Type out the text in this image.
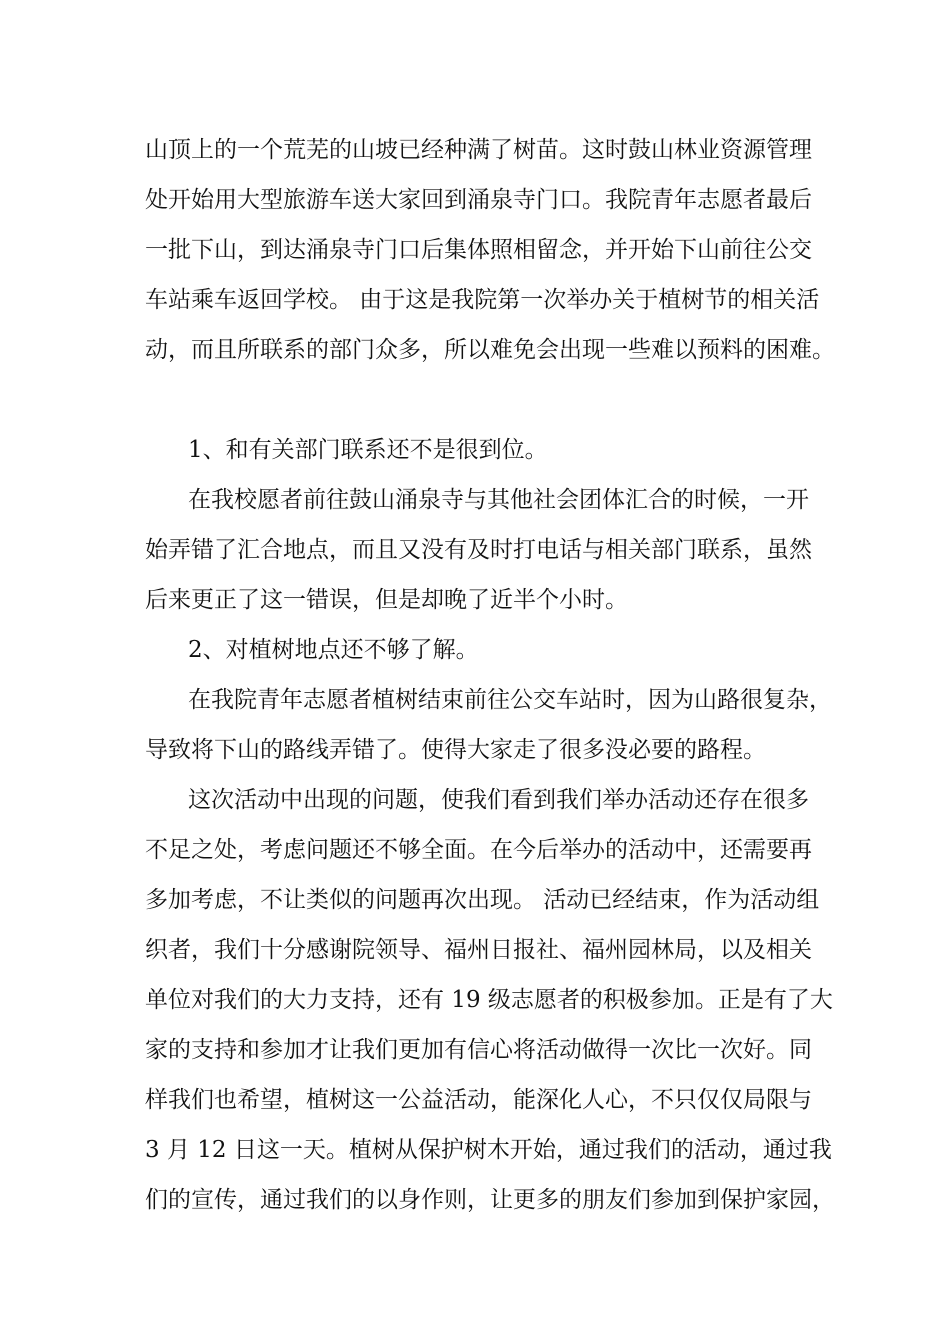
山顶上的一个荒芜的山坡已经种满了树苗。这时鼓山林业资源管理
处开始用大型旅游车送大家回到涌泉寺门口。我院青年志愿者最后
一批下山，到达涌泉寺门口后集体照相留念，并开始下山前往公交
车站乘车返回学校。 由于这是我院第一次举办关于植树节的相关活
动，而且所联系的部门众多，所以难免会出现一些难以预料的困难。
1、和有关部门联系还不是很到位。
在我校愿者前往鼓山涌泉寺与其他社会团体汇合的时候，一开
始弄错了汇合地点，而且又没有及时打电话与相关部门联系，虽然
后来更正了这一错误，但是却晚了近半个小时。
2、对植树地点还不够了解。
在我院青年志愿者植树结束前往公交车站时，因为山路很复杂，
导致将下山的路线弄错了。使得大家走了很多没必要的路程。
这次活动中出现的问题，使我们看到我们举办活动还存在很多
不足之处，考虑问题还不够全面。在今后举办的活动中，还需要再
多加考虑，不让类似的问题再次出现。 活动已经结束，作为活动组
织者，我们十分感谢院领导、福州日报社、福州园林局，以及相关
单位对我们的大力支持，还有 19 级志愿者的积极参加。正是有了大
家的支持和参加才让我们更加有信心将活动做得一次比一次好。同
样我们也希望，植树这一公益活动，能深化人心，不只仅仅局限与
3 月 12 日这一天。植树从保护树木开始，通过我们的活动，通过我
们的宣传，通过我们的以身作则，让更多的朋友们参加到保护家园，
